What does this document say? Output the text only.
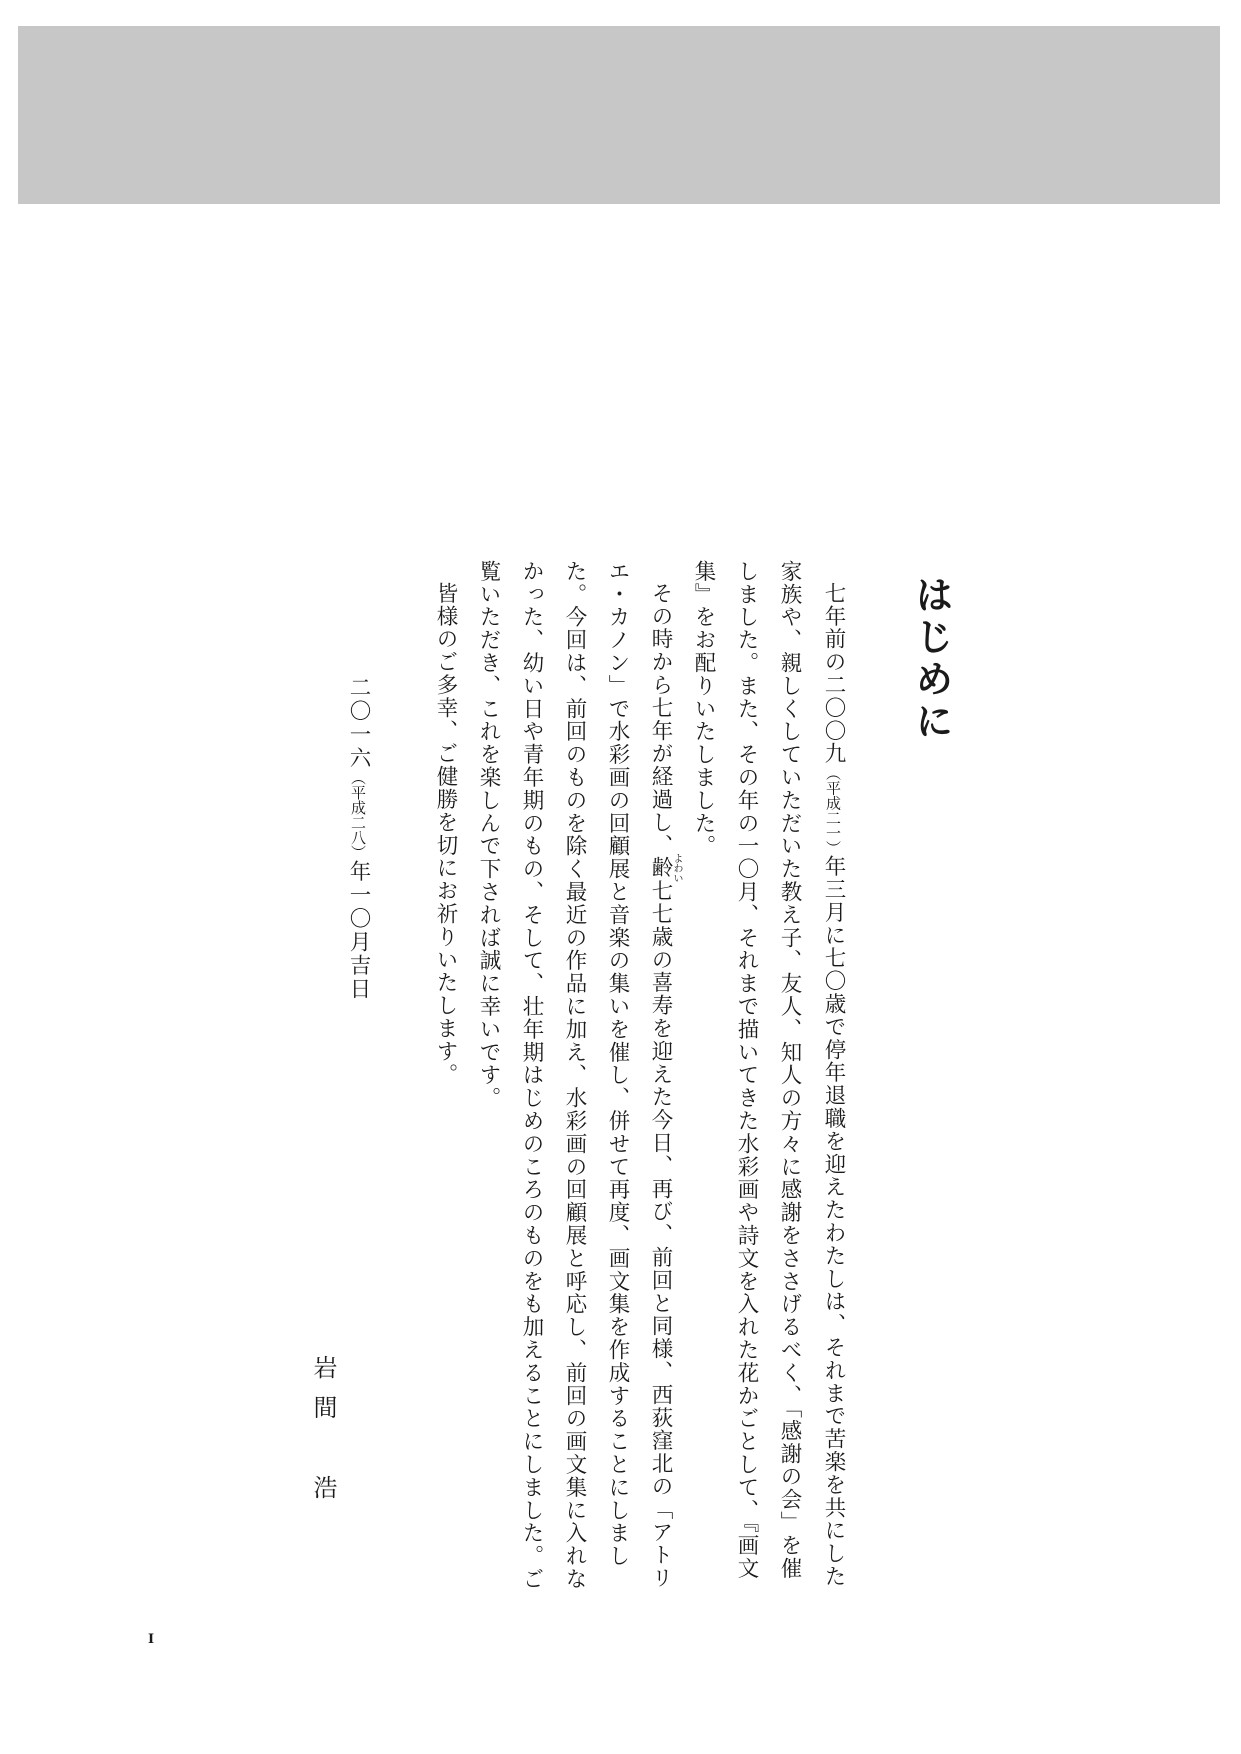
はじめに

七年前の二〇〇九（平成二一）年三月に七〇歳で停年退職を迎えたわたしは、それまで苦楽を共にした家族や、親しくしていただいた教え子、友人、知人の方々に感謝をささげるべく、「感謝の会」を催しました。また、その年の一〇月、それまで描いてきた水彩画や詩文を入れた花かごとして、『画文集』をお配りいたしました。

その時から七年が経過し、齢よわい七七歳の喜寿を迎えた今日、再び、前回と同様、西荻窪北の「アトリエ・カノン」で水彩画の回顧展と音楽の集いを催し、併せて再度、画文集を作成することにしました。今回は、前回のものを除く最近の作品に加え、水彩画の回顧展と呼応し、前回の画文集に入れなかった、幼い日や青年期のもの、そして、壮年期はじめのころのものをも加えることにしました。ご覧いただき、これを楽しんで下されば誠に幸いです。

皆様のご多幸、ご健勝を切にお祈りいたします。

二〇一六（平成二八）年一〇月吉日
岩間　浩
I
